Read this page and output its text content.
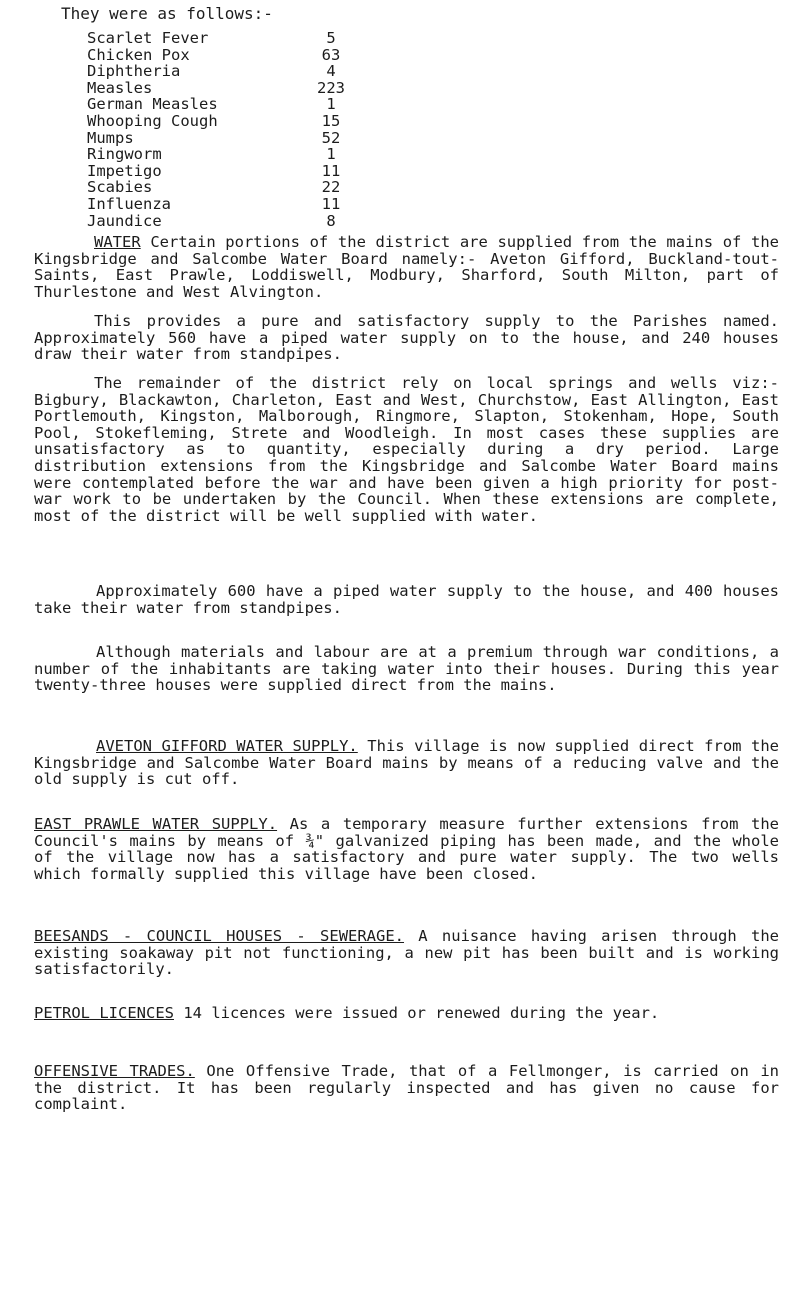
They were as follows:-
Scarlet Fever	5
Chicken Pox	63
Diphtheria	4
Measles	223
German Measles	1
Whooping Cough	15
Mumps	52
Ringworm	1
Impetigo	11
Scabies	22
Influenza	11
Jaundice	8

WATER Certain portions of the district are supplied from the mains of the Kingsbridge and Salcombe Water Board namely:- Aveton Gifford, Buckland-tout-Saints, East Prawle, Loddiswell, Modbury, Sharford, South Milton, part of Thurlestone and West Alvington.

This provides a pure and satisfactory supply to the Parishes named. Approximately 560 have a piped water supply on to the house, and 240 houses draw their water from standpipes.

The remainder of the district rely on local springs and wells viz:- Bigbury, Blackawton, Charleton, East and West, Churchstow, East Allington, East Portlemouth, Kingston, Malborough, Ringmore, Slapton, Stokenham, Hope, South Pool, Stokefleming, Strete and Woodleigh. In most cases these supplies are unsatisfactory as to quantity, especially during a dry period. Large distribution extensions from the Kingsbridge and Salcombe Water Board mains were contemplated before the war and have been given a high priority for post-war work to be undertaken by the Council. When these extensions are complete, most of the district will be well supplied with water.

Approximately 600 have a piped water supply to the house, and 400 houses take their water from standpipes.

Although materials and labour are at a premium through war conditions, a number of the inhabitants are taking water into their houses. During this year twenty-three houses were supplied direct from the mains.

AVETON GIFFORD WATER SUPPLY. This village is now supplied direct from the Kingsbridge and Salcombe Water Board mains by means of a reducing valve and the old supply is cut off.

EAST PRAWLE WATER SUPPLY. As a temporary measure further extensions from the Council's mains by means of ¾" galvanized piping has been made, and the whole of the village now has a satisfactory and pure water supply. The two wells which formally supplied this village have been closed.

BEESANDS - COUNCIL HOUSES - SEWERAGE. A nuisance having arisen through the existing soakaway pit not functioning, a new pit has been built and is working satisfactorily.

PETROL LICENCES 14 licences were issued or renewed during the year.

OFFENSIVE TRADES. One Offensive Trade, that of a Fellmonger, is carried on in the district. It has been regularly inspected and has given no cause for complaint.
